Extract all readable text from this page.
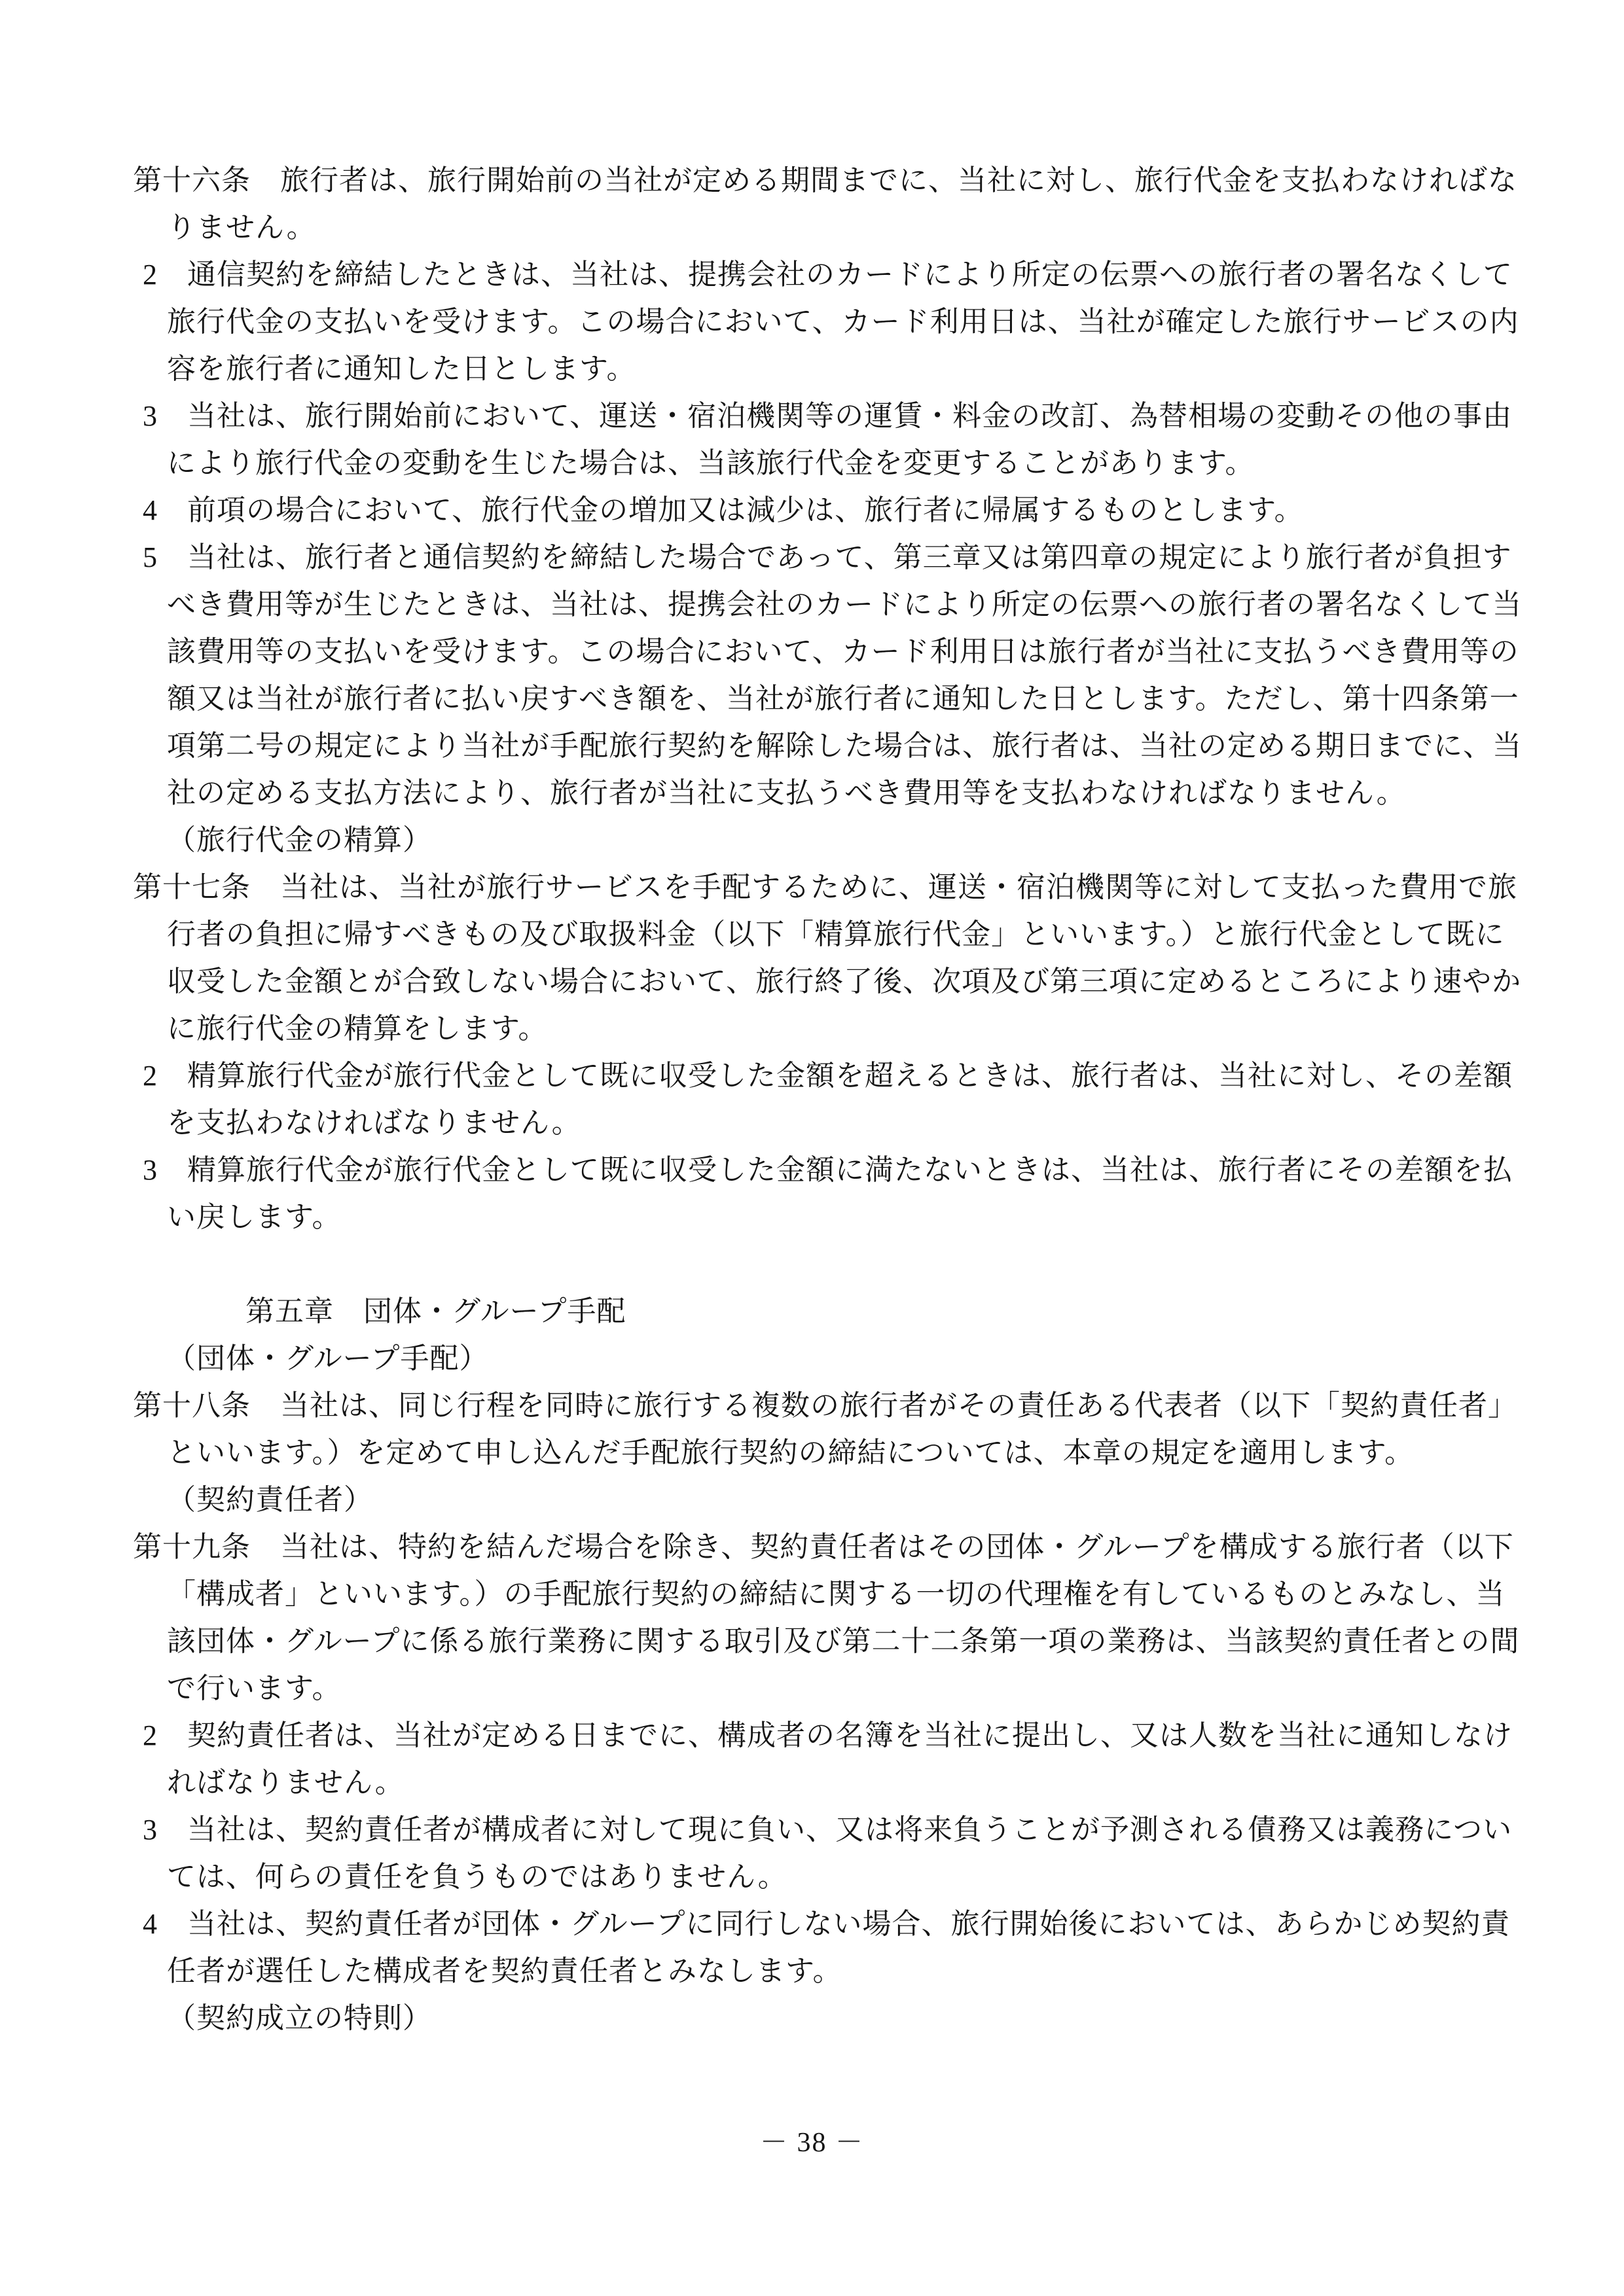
第十六条　旅行者は、旅行開始前の当社が定める期間までに、当社に対し、旅行代金を支払わなければな
りません。
2　通信契約を締結したときは、当社は、提携会社のカードにより所定の伝票への旅行者の署名なくして
旅行代金の支払いを受けます。この場合において、カード利用日は、当社が確定した旅行サービスの内
容を旅行者に通知した日とします。
3　当社は、旅行開始前において、運送・宿泊機関等の運賃・料金の改訂、為替相場の変動その他の事由
により旅行代金の変動を生じた場合は、当該旅行代金を変更することがあります。
4　前項の場合において、旅行代金の増加又は減少は、旅行者に帰属するものとします。
5　当社は、旅行者と通信契約を締結した場合であって、第三章又は第四章の規定により旅行者が負担す
べき費用等が生じたときは、当社は、提携会社のカードにより所定の伝票への旅行者の署名なくして当
該費用等の支払いを受けます。この場合において、カード利用日は旅行者が当社に支払うべき費用等の
額又は当社が旅行者に払い戻すべき額を、当社が旅行者に通知した日とします。ただし、第十四条第一
項第二号の規定により当社が手配旅行契約を解除した場合は、旅行者は、当社の定める期日までに、当
社の定める支払方法により、旅行者が当社に支払うべき費用等を支払わなければなりません。
（旅行代金の精算）
第十七条　当社は、当社が旅行サービスを手配するために、運送・宿泊機関等に対して支払った費用で旅
行者の負担に帰すべきもの及び取扱料金（以下「精算旅行代金」といいます。）と旅行代金として既に
収受した金額とが合致しない場合において、旅行終了後、次項及び第三項に定めるところにより速やか
に旅行代金の精算をします。
2　精算旅行代金が旅行代金として既に収受した金額を超えるときは、旅行者は、当社に対し、その差額
を支払わなければなりません。
3　精算旅行代金が旅行代金として既に収受した金額に満たないときは、当社は、旅行者にその差額を払
い戻します。

第五章　団体・グループ手配
（団体・グループ手配）
第十八条　当社は、同じ行程を同時に旅行する複数の旅行者がその責任ある代表者（以下「契約責任者」
といいます。）を定めて申し込んだ手配旅行契約の締結については、本章の規定を適用します。
（契約責任者）
第十九条　当社は、特約を結んだ場合を除き、契約責任者はその団体・グループを構成する旅行者（以下
「構成者」といいます。）の手配旅行契約の締結に関する一切の代理権を有しているものとみなし、当
該団体・グループに係る旅行業務に関する取引及び第二十二条第一項の業務は、当該契約責任者との間
で行います。
2　契約責任者は、当社が定める日までに、構成者の名簿を当社に提出し、又は人数を当社に通知しなけ
ればなりません。
3　当社は、契約責任者が構成者に対して現に負い、又は将来負うことが予測される債務又は義務につい
ては、何らの責任を負うものではありません。
4　当社は、契約責任者が団体・グループに同行しない場合、旅行開始後においては、あらかじめ契約責
任者が選任した構成者を契約責任者とみなします。
（契約成立の特則）
－ 38 －
